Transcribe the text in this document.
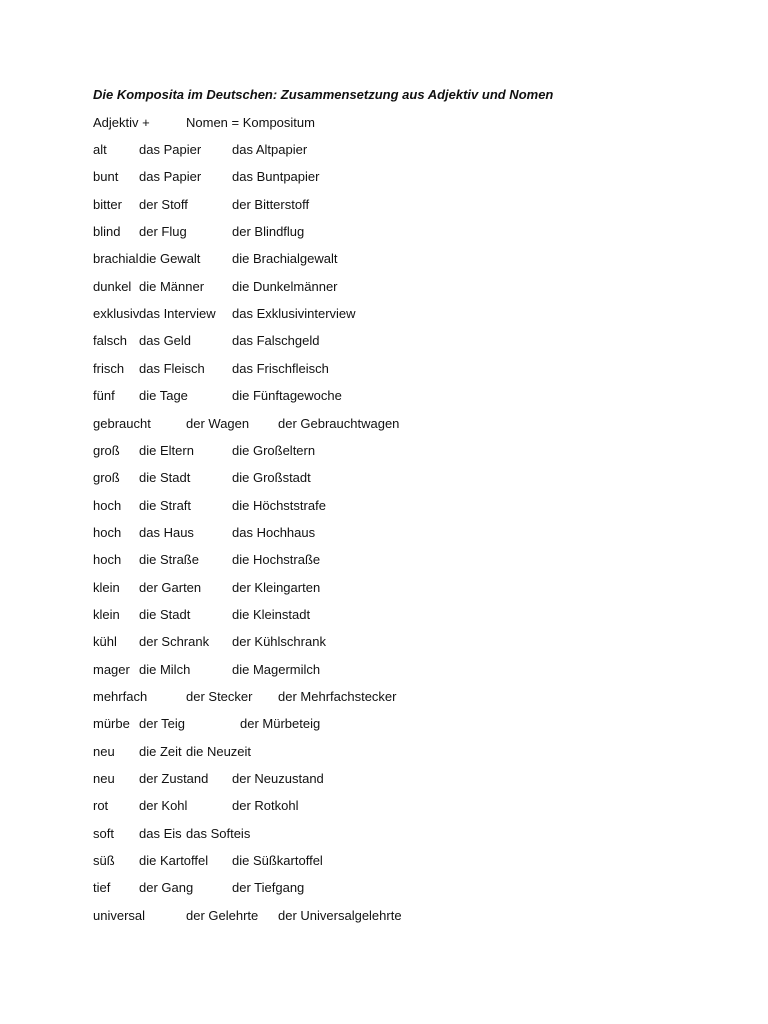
Die Komposita im Deutschen: Zusammensetzung aus Adjektiv und Nomen
Adjektiv +	Nomen = Kompositum
alt das Papier das Altpapier
bunt das Papier das Buntpapier
bitter der Stoff	der Bitterstoff
blind der Flug	der Blindflug
brachial die Gewalt die Brachialgewalt
dunkel die Männer die Dunkelmänner
exklusiv das Interview das Exklusivinterview
falsch das Geld	das Falschgeld
frisch das Fleisch das Frischfleisch
fünf die Tage	die Fünftagewoche
gebraucht	der Wagen der Gebrauchtwagen
groß die Eltern	die Großeltern
groß die Stadt	die Großstadt
hoch die Straft	die Höchststrafe
hoch das Haus	das Hochhaus
hoch die Straße	die Hochstraße
klein der Garten der Kleingarten
klein die Stadt	die Kleinstadt
kühl der Schrank der Kühlschrank
mager die Milch	die Magermilch
mehrfach	der Stecker der Mehrfachstecker
mürbe der Teig	der Mürbeteig
neu die Zeit die Neuzeit
neu der Zustand der Neuzustand
rot der Kohl	der Rotkohl
soft das Eis das Softeis
süß die Kartoffel die Süßkartoffel
tief der Gang	der Tiefgang
universal	der Gelehrte der Universalgelehrte
